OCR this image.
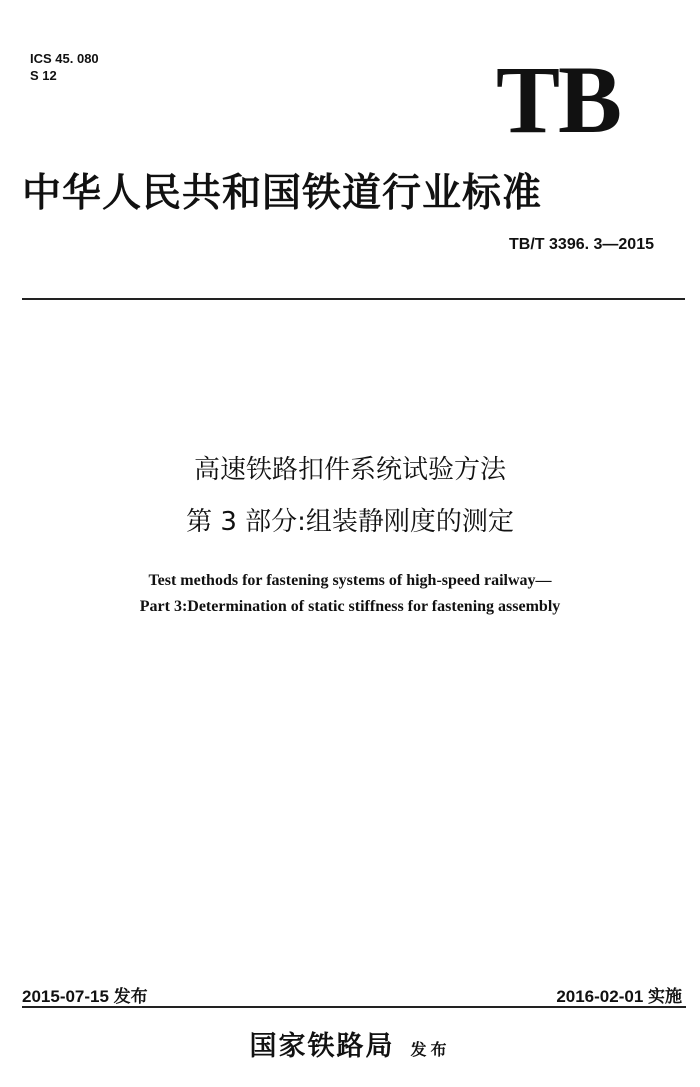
ICS 45. 080
S 12	TB
中华人民共和国铁道行业标准
TB/T 3396. 3—2015
高速铁路扣件系统试验方法
第 3 部分:组装静刚度的测定
Test methods for fastening systems of high-speed railway—
Part 3:Determination of static stiffness for fastening assembly
2015-07-15 发布	2016-02-01 实施
国家铁路局 发布
